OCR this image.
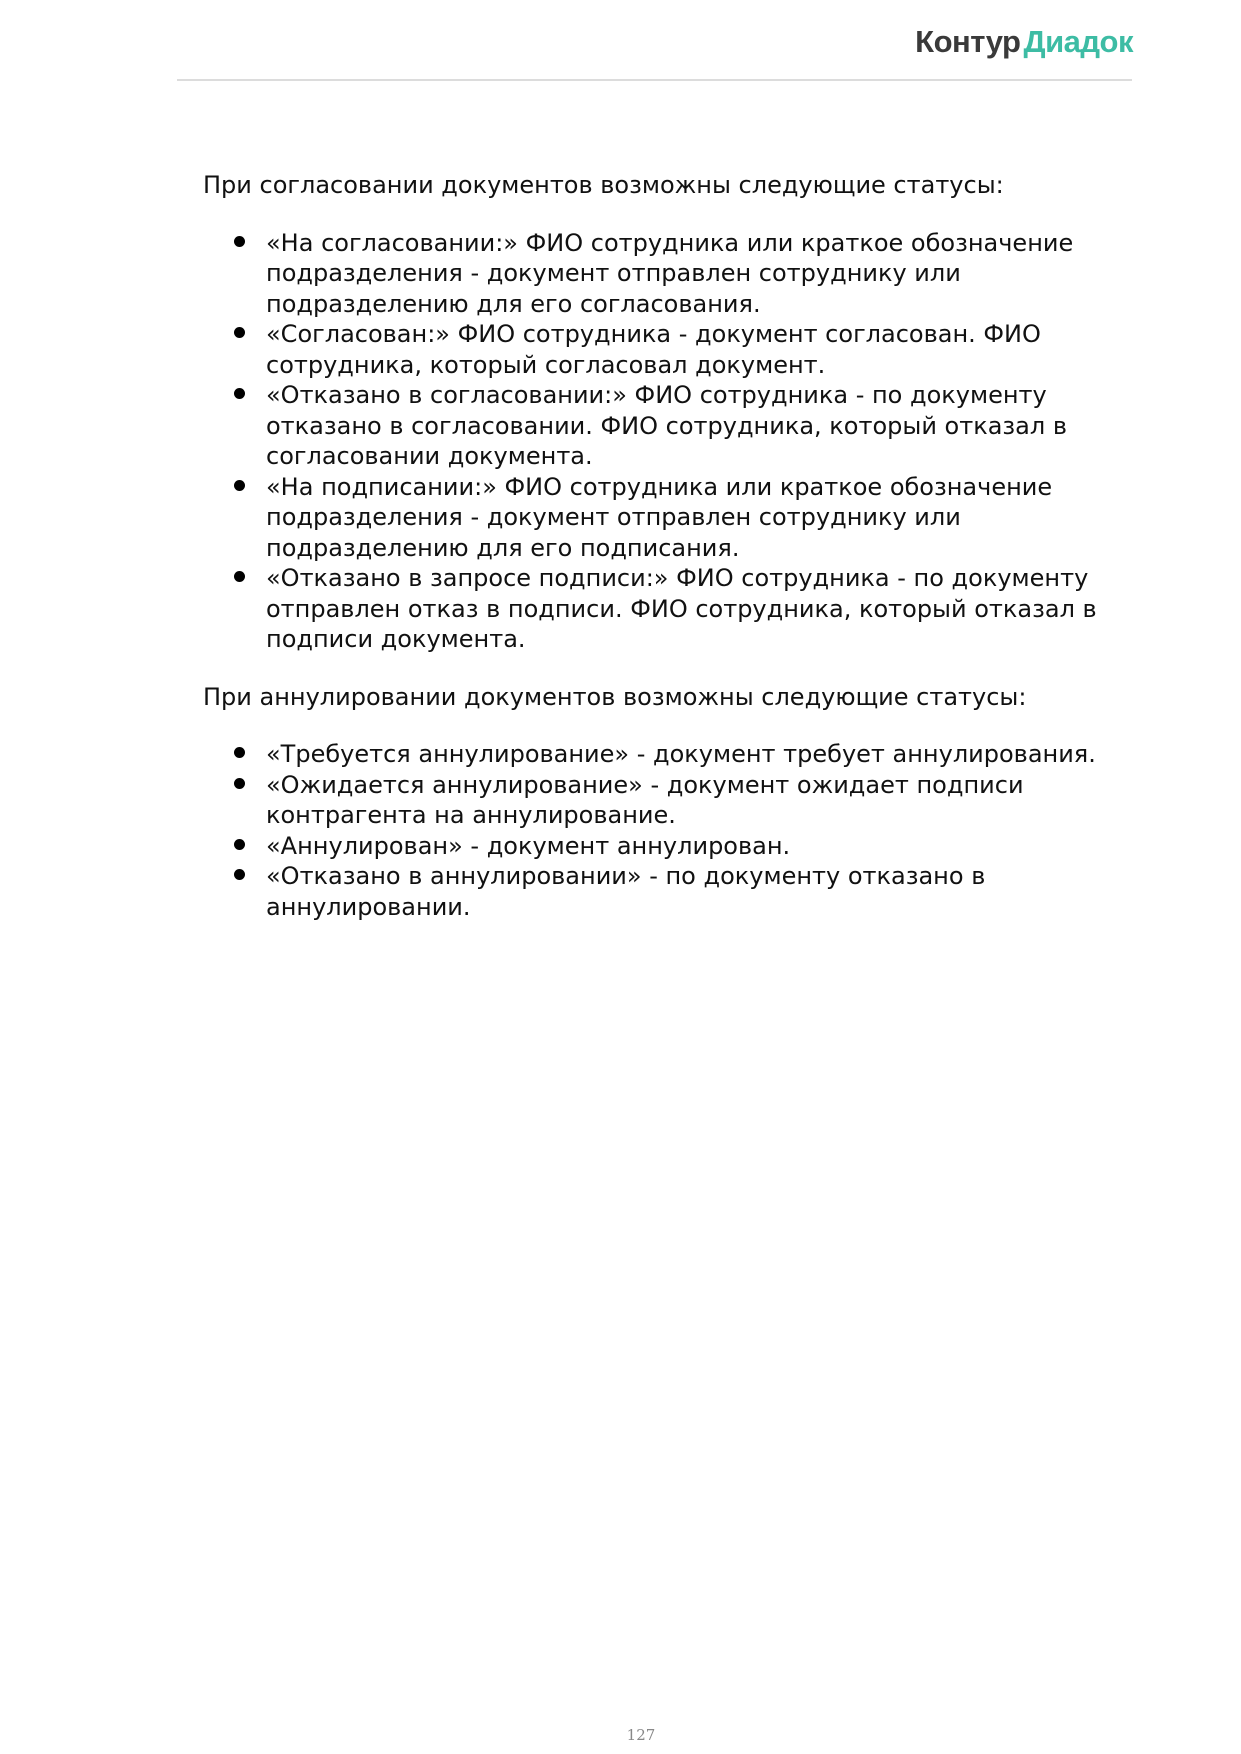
КонтурДиадок

При согласовании документов возможны следующие статусы:

«На согласовании:» ФИО сотрудника или краткое обозначение подразделения - документ отправлен сотруднику или подразделению для его согласования.
«Согласован:» ФИО сотрудника - документ согласован. ФИО сотрудника, который согласовал документ.
«Отказано в согласовании:» ФИО сотрудника - по документу отказано в согласовании. ФИО сотрудника, который отказал в согласовании документа.
«На подписании:» ФИО сотрудника или краткое обозначение подразделения - документ отправлен сотруднику или подразделению для его подписания.
«Отказано в запросе подписи:» ФИО сотрудника - по документу отправлен отказ в подписи. ФИО сотрудника, который отказал в подписи документа.

При аннулировании документов возможны следующие статусы:

«Требуется аннулирование» - документ требует аннулирования.
«Ожидается аннулирование» - документ ожидает подписи контрагента на аннулирование.
«Аннулирован» - документ аннулирован.
«Отказано в аннулировании» - по документу отказано в аннулировании.
127
